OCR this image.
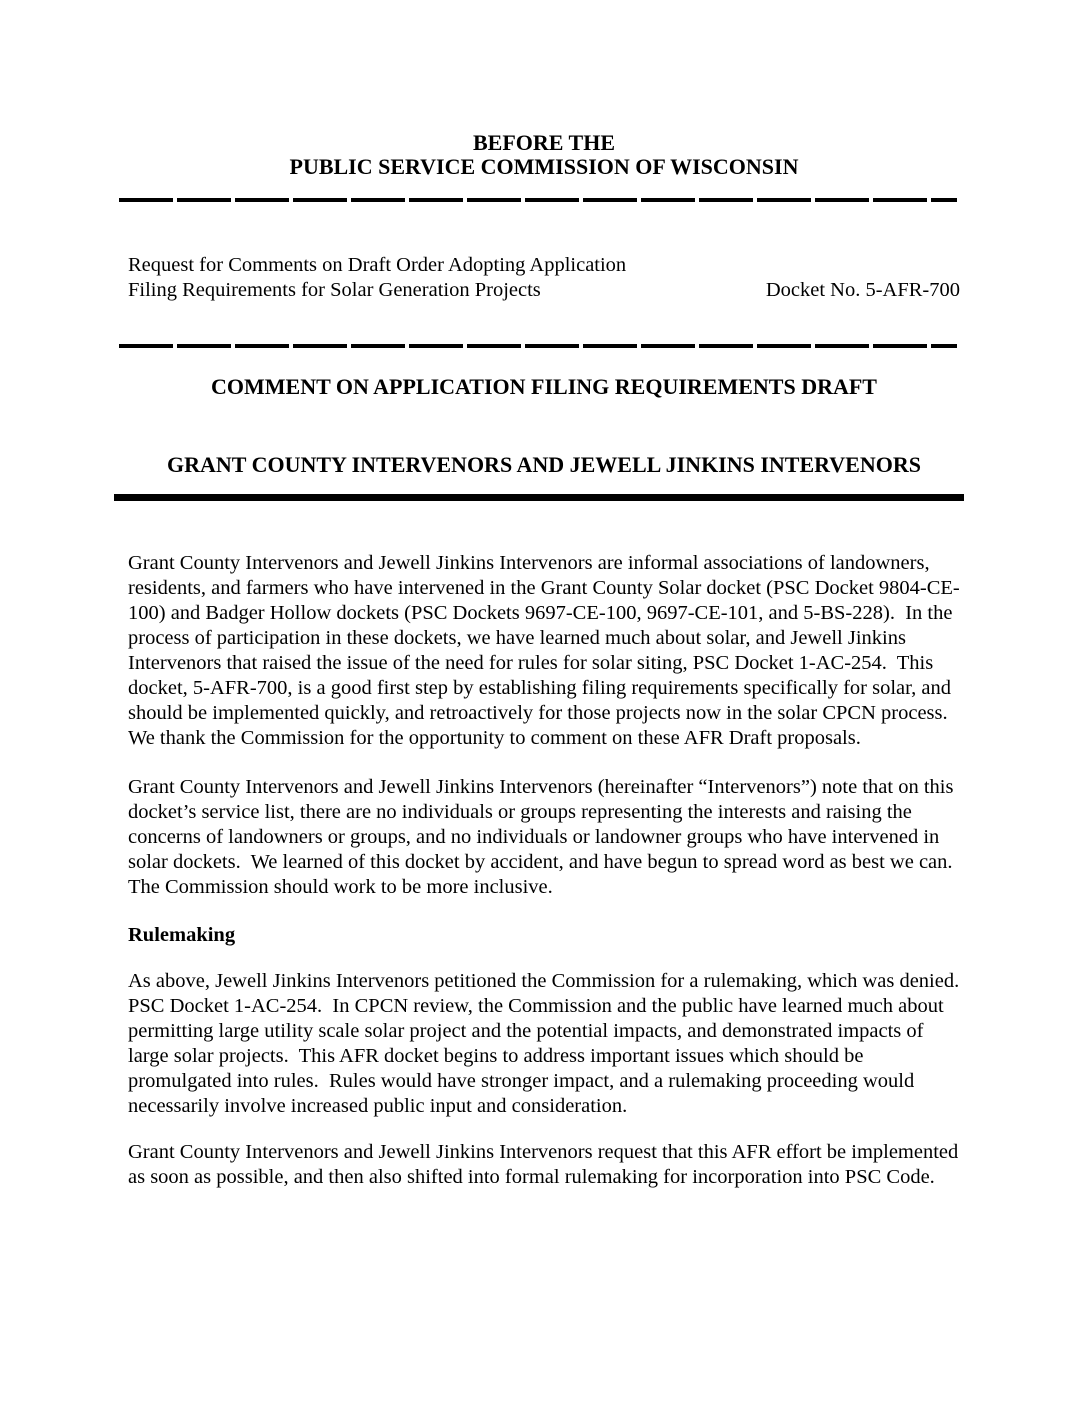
BEFORE THE
PUBLIC SERVICE COMMISSION OF WISCONSIN
Request for Comments on Draft Order Adopting Application
Filing Requirements for Solar Generation Projects	Docket No. 5-AFR-700
COMMENT ON APPLICATION FILING REQUIREMENTS DRAFT
GRANT COUNTY INTERVENORS AND JEWELL JINKINS INTERVENORS

Grant County Intervenors and Jewell Jinkins Intervenors are informal associations of landowners, residents, and farmers who have intervened in the Grant County Solar docket (PSC Docket 9804-CE-100) and Badger Hollow dockets (PSC Dockets 9697-CE-100, 9697-CE-101, and 5-BS-228).  In the process of participation in these dockets, we have learned much about solar, and Jewell Jinkins Intervenors that raised the issue of the need for rules for solar siting, PSC Docket 1-AC-254.  This docket, 5-AFR-700, is a good first step by establishing filing requirements specifically for solar, and should be implemented quickly, and retroactively for those projects now in the solar CPCN process.  We thank the Commission for the opportunity to comment on these AFR Draft proposals.

Grant County Intervenors and Jewell Jinkins Intervenors (hereinafter “Intervenors”) note that on this docket’s service list, there are no individuals or groups representing the interests and raising the concerns of landowners or groups, and no individuals or landowner groups who have intervened in solar dockets.  We learned of this docket by accident, and have begun to spread word as best we can.  The Commission should work to be more inclusive.

Rulemaking

As above, Jewell Jinkins Intervenors petitioned the Commission for a rulemaking, which was denied. PSC Docket 1-AC-254.  In CPCN review, the Commission and the public have learned much about permitting large utility scale solar project and the potential impacts, and demonstrated impacts of large solar projects.  This AFR docket begins to address important issues which should be promulgated into rules.  Rules would have stronger impact, and a rulemaking proceeding would necessarily involve increased public input and consideration.

Grant County Intervenors and Jewell Jinkins Intervenors request that this AFR effort be implemented as soon as possible, and then also shifted into formal rulemaking for incorporation into PSC Code.
